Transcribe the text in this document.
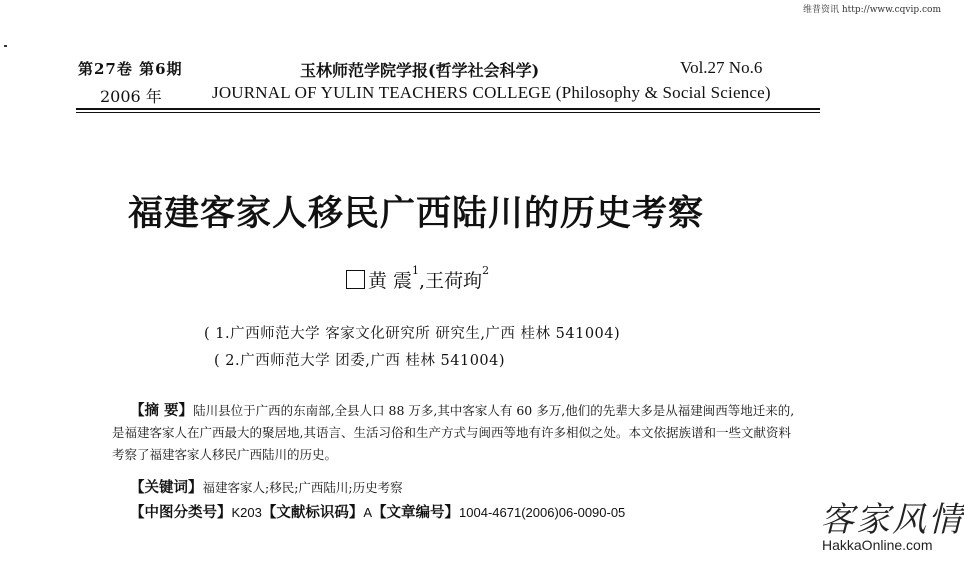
维普资讯 http://www.cqvip.com
第27卷 第6期	玉林师范学院学报(哲学社会科学)	Vol.27 No.6
2006 年	JOURNAL OF YULIN TEACHERS COLLEGE (Philosophy & Social Science)
福建客家人移民广西陆川的历史考察
黄 震$^1$,王荷珣$^2$
( 1.广西师范大学 客家文化研究所 研究生,广西 桂林 541004)
( 2.广西师范大学 团委,广西 桂林 541004)
【摘 要】陆川县位于广西的东南部,全县人口 88 万多,其中客家人有 60 多万,他们的先辈大多是从福建闽西等地迁来的,是福建客家人在广西最大的聚居地,其语言、生活习俗和生产方式与闽西等地有许多相似之处。本文依据族谱和一些文献资料考察了福建客家人移民广西陆川的历史。
【关键词】福建客家人;移民;广西陆川;历史考察
【中图分类号】K203【文献标识码】A【文章编号】1004-4671(2006)06-0090-05	客家风情
HakkaOnline.com
